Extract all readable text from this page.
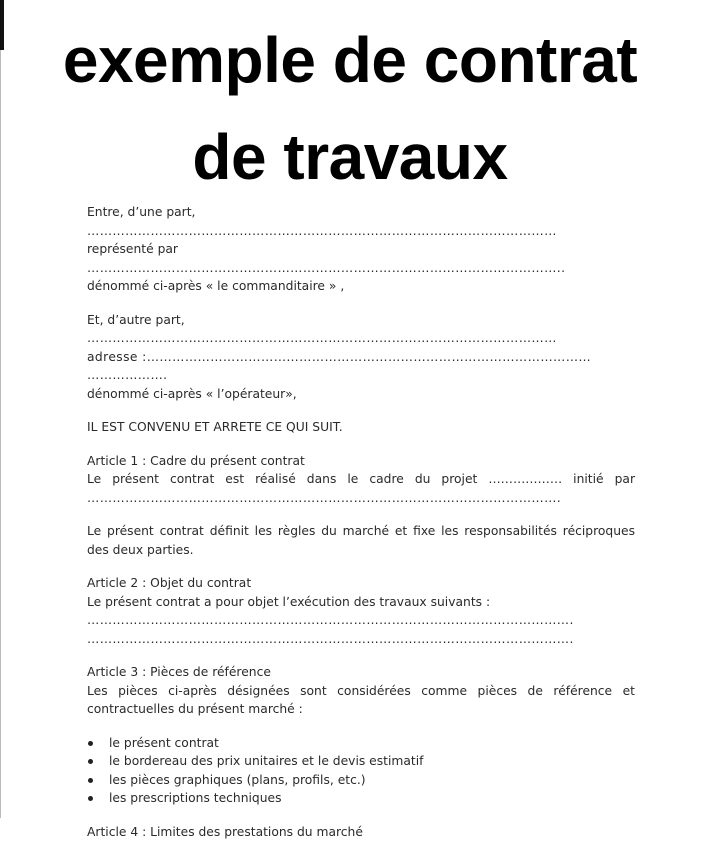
exemple de contrat
de travaux

Entre, d’une part,

…………………………………………………………………………………………………

représenté par

…………………………………………………………………………………………………..

dénommé ci-après « le commanditaire » ,

Et, d’autre part,

…………………………………………………………………………………………………

adresse :……………………………………………………………………………………………

……………….

dénommé ci-après « l’opérateur»,

IL EST CONVENU ET ARRETE CE QUI SUIT.

Article 1 : Cadre du présent contrat

Le présent contrat est réalisé dans le cadre du projet ……………… initié par

………………………………………………………………………………………………….

Le présent contrat définit les règles du marché et fixe les responsabilités réciproques des deux parties.

Article 2 : Objet du contrat

Le présent contrat a pour objet l’exécution des travaux suivants :

…………………………………………………………………………………………………….

…………………………………………………………………………………………………….

Article 3 : Pièces de référence

Les pièces ci-après désignées sont considérées comme pièces de référence et contractuelles du présent marché :

le présent contrat
le bordereau des prix unitaires et le devis estimatif
les pièces graphiques (plans, profils, etc.)
les prescriptions techniques

Article 4 : Limites des prestations du marché
